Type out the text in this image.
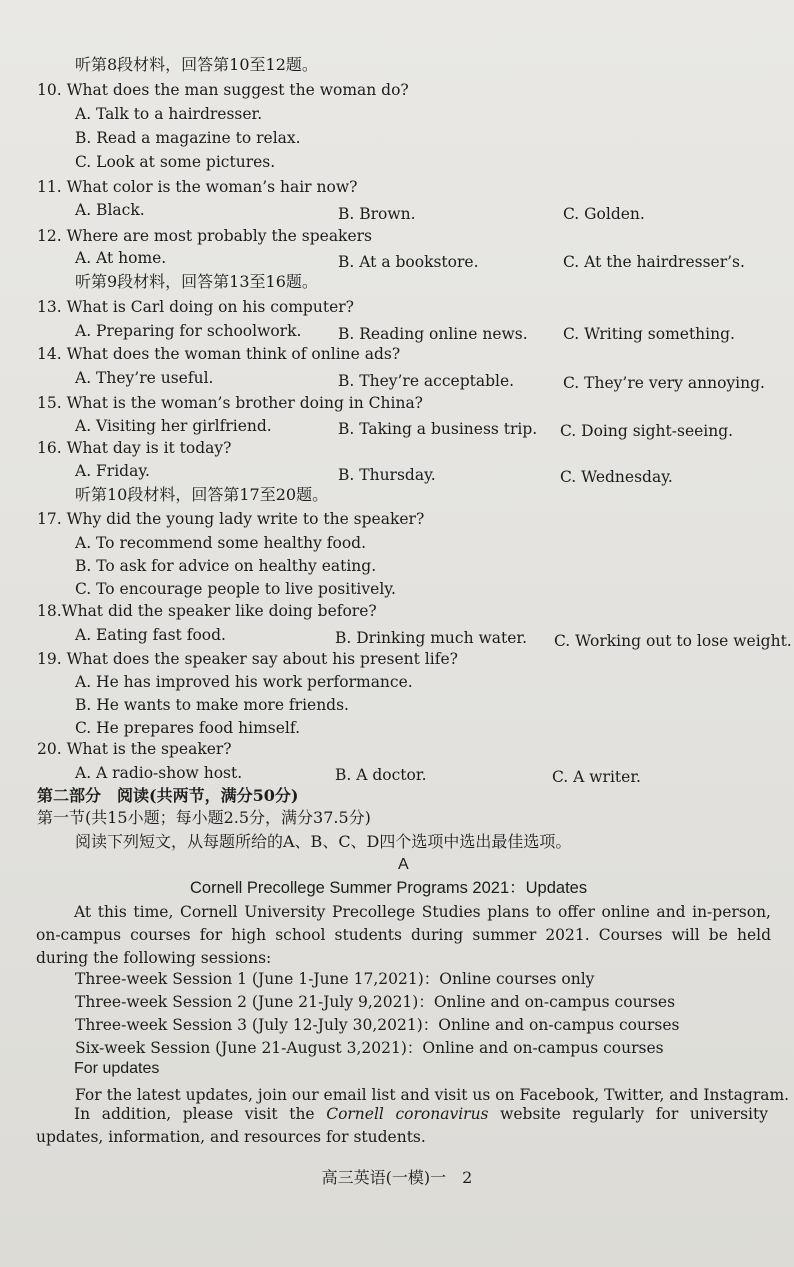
听第8段材料，回答第10至12题。
10. What does the man suggest the woman do?
A. Talk to a hairdresser.
B. Read a magazine to relax.
C. Look at some pictures.
11. What color is the woman’s hair now?
A. Black.	B. Brown.	C. Golden.
12. Where are most probably the speakers
A. At home.	B. At a bookstore.	C. At the hairdresser’s.
听第9段材料，回答第13至16题。
13. What is Carl doing on his computer?
A. Preparing for schoolwork. B. Reading online news. C. Writing something.
14. What does the woman think of online ads?
A. They’re useful.	B. They’re acceptable.	C. They’re very annoying.
15. What is the woman’s brother doing in China?
A. Visiting her girlfriend.	B. Taking a business trip. C. Doing sight-seeing.
16. What day is it today?
A. Friday.	B. Thursday.	C. Wednesday.
听第10段材料，回答第17至20题。
17. Why did the young lady write to the speaker?
A. To recommend some healthy food.
B. To ask for advice on healthy eating.
C. To encourage people to live positively.
18.What did the speaker like doing before?
A. Eating fast food.	B. Drinking much water. C. Working out to lose weight.
19. What does the speaker say about his present life?
A. He has improved his work performance.
B. He wants to make more friends.
C. He prepares food himself.
20. What is the speaker?
A. A radio-show host.	B. A doctor.	C. A writer.
第二部分　阅读(共两节，满分50分)
第一节(共15小题；每小题2.5分，满分37.5分)
阅读下列短文，从每题所给的A、B、C、D四个选项中选出最佳选项。
A
Cornell Precollege Summer Programs 2021：Updates
At this time, Cornell University Precollege Studies plans to offer online and in-person, on-campus courses for high school students during summer 2021. Courses will be held during the following sessions:
Three-week Session 1 (June 1-June 17,2021)：Online courses only
Three-week Session 2 (June 21-July 9,2021)：Online and on-campus courses
Three-week Session 3 (July 12-July 30,2021)：Online and on-campus courses
Six-week Session (June 21-August 3,2021)：Online and on-campus courses
For updates
For the latest updates, join our email list and visit us on Facebook, Twitter, and Instagram.
In addition, please visit the Cornell coronavirus website regularly for university updates, information, and resources for students.
高三英语(一模)一　2
